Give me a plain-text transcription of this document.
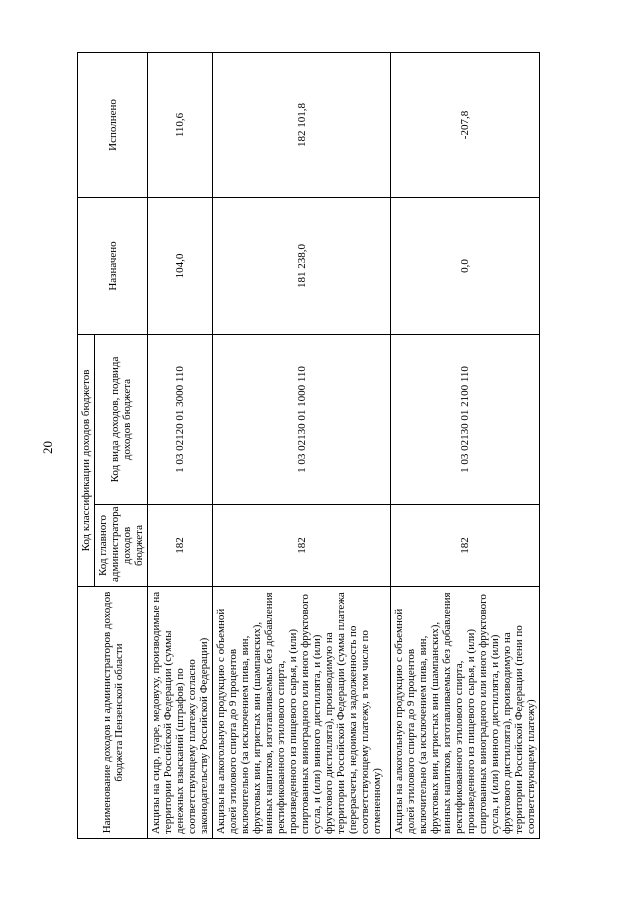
20
Наименование доходов и администраторов доходов бюджета Пензенской области	Код классификации доходов бюджетов		Назначено	Исполнено
	Код главного администратора доходов бюджета	Код вида доходов, подвида доходов бюджета		
Акцизы на сидр, пуаре, медовуху, производимые на территории Российской Федерации (суммы денежных взысканий (штрафов) по соответствующему платежу согласно законодательству Российской Федерации)	182	1 03 02120 01 3000 110	104,0	110,6
Акцизы на алкогольную продукцию с объемной долей этилового спирта до 9 процентов включительно (за исключением пива, вин, фруктовых вин, игристых вин (шампанских), винных напитков, изготавливаемых без добавления ректификованного этилового спирта, произведенного из пищевого сырья, и (или) спиртованных виноградного или иного фруктового сусла, и (или) винного дистиллята, и (или) фруктового дистиллята), производимую на территории Российской Федерации (сумма платежа (перерасчеты, недоимка и задолженность по соответствующему платежу, в том числе по отмененному)	182	1 03 02130 01 1000 110	181 238,0	182 101,8
Акцизы на алкогольную продукцию с объемной долей этилового спирта до 9 процентов включительно (за исключением пива, вин, фруктовых вин, игристых вин (шампанских), винных напитков, изготавливаемых без добавления ректификованного этилового спирта, произведенного из пищевого сырья, и (или) спиртованных виноградного или иного фруктового сусла, и (или) винного дистиллята, и (или) фруктового дистиллята), производимую на территории Российской Федерации (пени по соответствующему платежу)	182	1 03 02130 01 2100 110	0,0	-207,8
